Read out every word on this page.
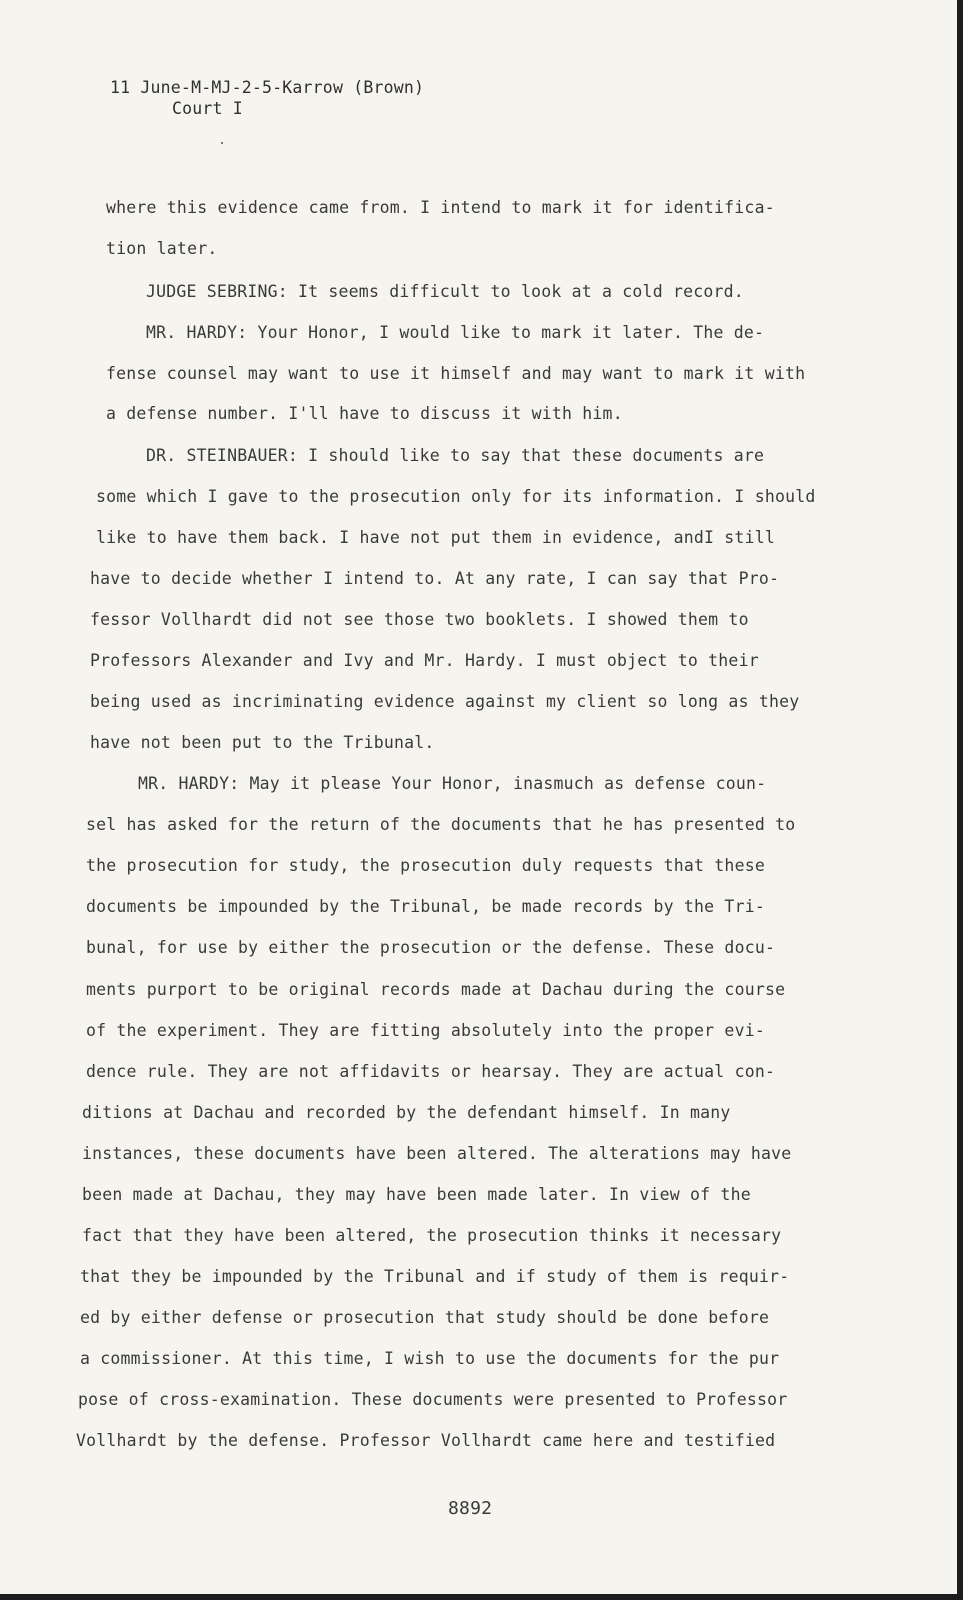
11 June-M-MJ-2-5-Karrow (Brown)
Court I
where this evidence came from. I intend to mark it for identifica-
tion later.
JUDGE SEBRING: It seems difficult to look at a cold record.
MR. HARDY: Your Honor, I would like to mark it later. The de-
fense counsel may want to use it himself and may want to mark it with
a defense number. I'll have to discuss it with him.
DR. STEINBAUER: I should like to say that these documents are
some which I gave to the prosecution only for its information. I should
like to have them back. I have not put them in evidence, andI still
have to decide whether I intend to. At any rate, I can say that Pro-
fessor Vollhardt did not see those two booklets. I showed them to
Professors Alexander and Ivy and Mr. Hardy. I must object to their
being used as incriminating evidence against my client so long as they
have not been put to the Tribunal.
MR. HARDY: May it please Your Honor, inasmuch as defense coun-
sel has asked for the return of the documents that he has presented to
the prosecution for study, the prosecution duly requests that these
documents be impounded by the Tribunal, be made records by the Tri-
bunal, for use by either the prosecution or the defense. These docu-
ments purport to be original records made at Dachau during the course
of the experiment. They are fitting absolutely into the proper evi-
dence rule. They are not affidavits or hearsay. They are actual con-
ditions at Dachau and recorded by the defendant himself. In many
instances, these documents have been altered. The alterations may have
been made at Dachau, they may have been made later. In view of the
fact that they have been altered, the prosecution thinks it necessary
that they be impounded by the Tribunal and if study of them is requir-
ed by either defense or prosecution that study should be done before
a commissioner. At this time, I wish to use the documents for the pur
pose of cross-examination. These documents were presented to Professor
Vollhardt by the defense. Professor Vollhardt came here and testified
8892
